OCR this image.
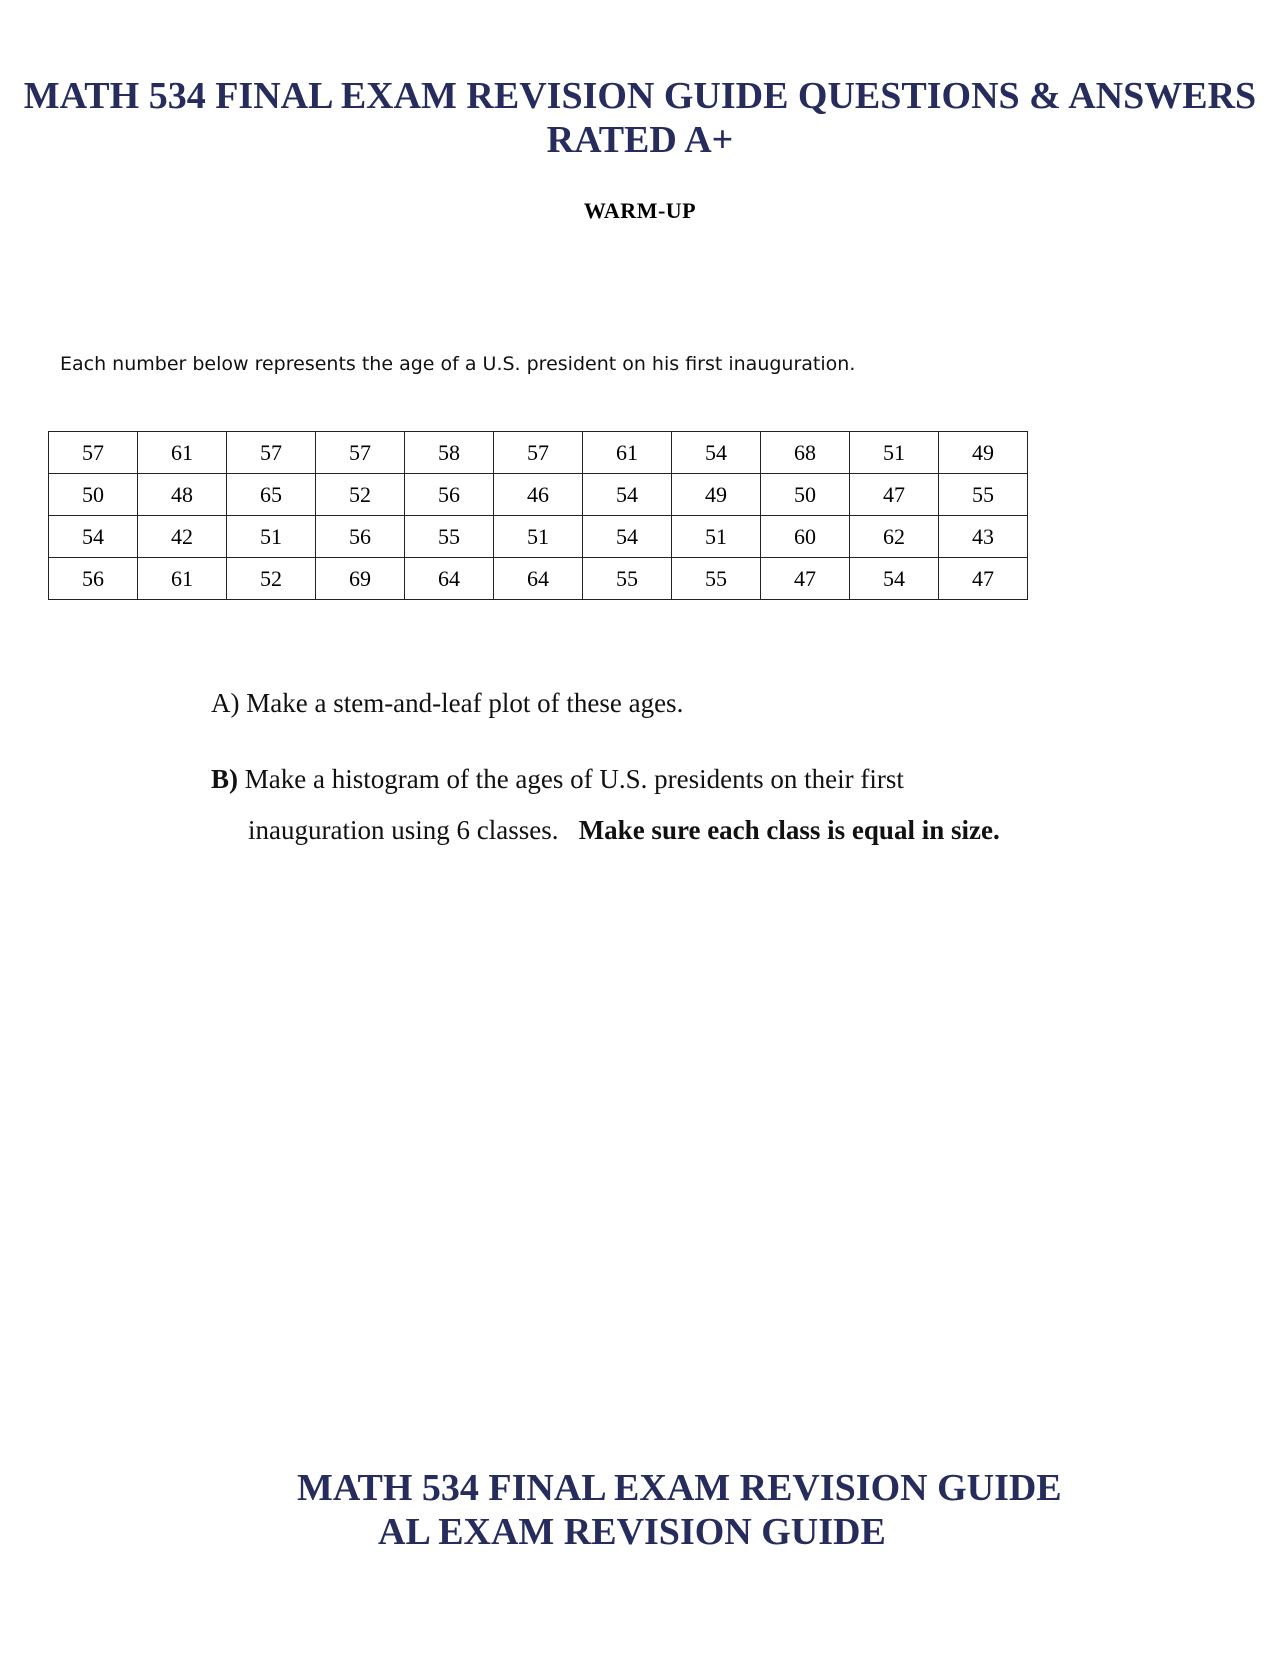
MATH 534 FINAL EXAM REVISION GUIDE QUESTIONS & ANSWERS
RATED A+
WARM-UP
Each number below represents the age of a U.S. president on his first inauguration.
57	61	57	57	58	57	61	54	68	51	49
50	48	65	52	56	46	54	49	50	47	55
54	42	51	56	55	51	54	51	60	62	43
56	61	52	69	64	64	55	55	47	54	47
A) Make a stem-and-leaf plot of these ages.
B) Make a histogram of the ages of U.S. presidents on their first
inauguration using 6 classes. Make sure each class is equal in size.
MATH 534 FINAL EXAM REVISION GUIDE
AL EXAM REVISION GUIDE
